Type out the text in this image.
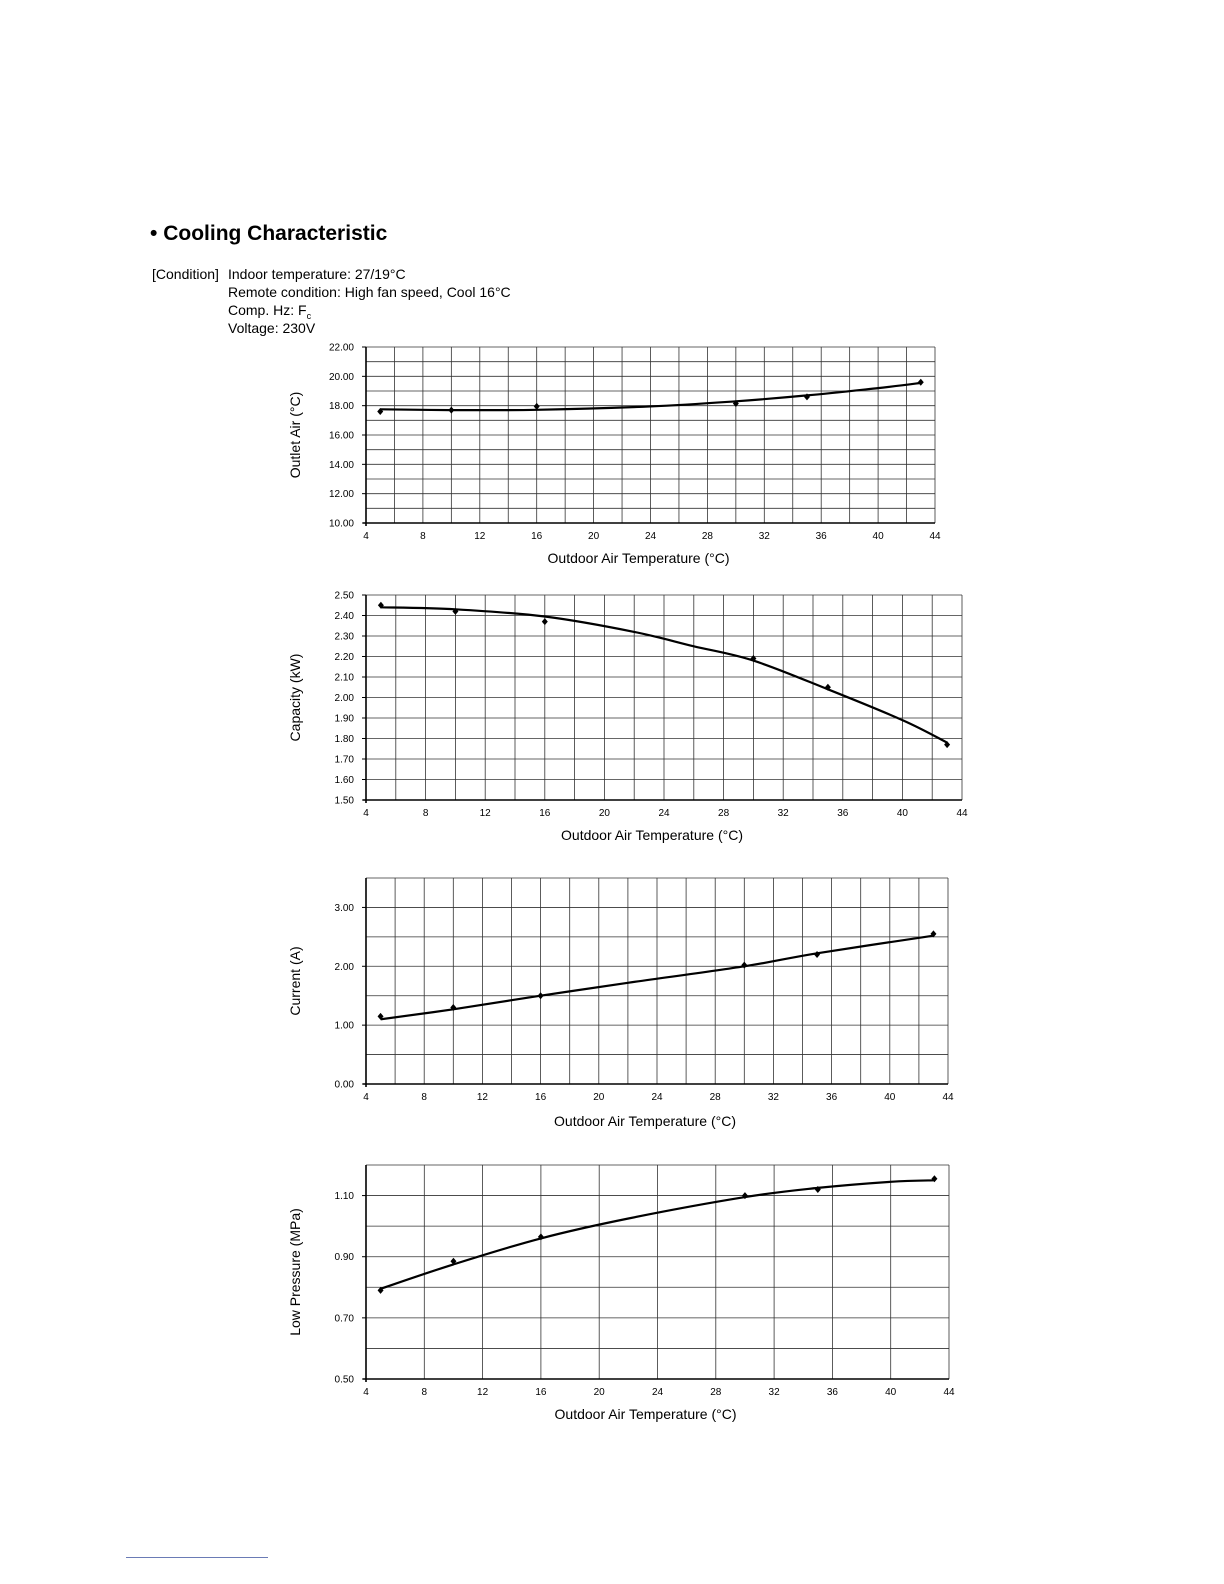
• Cooling Characteristic
[Condition] Indoor temperature: 27/19°C
Remote condition: High fan speed, Cool 16°C
Comp. Hz: $F_c$
Voltage: 230V
4	8	12	16	20	24	28	32	36	40	44
10.00
12.00
14.00
16.00
18.00
20.00
22.00
Outdoor Air Temperature (°C)
Outlet Air (°C)
4	8	12	16	20	24	28	32	36	40	44
1.50
1.60
1.70
1.80
1.90
2.00
2.10
2.20
2.30
2.40
2.50
Outdoor Air Temperature (°C)
Capacity (kW)
4	8	12	16	20	24	28	32	36	40	44
0.00
1.00
2.00
3.00
Outdoor Air Temperature (°C)
Current (A)
4	8	12	16	20	24	28	32	36	40	44
0.50
0.70
0.90
1.10
Outdoor Air Temperature (°C)
Low Pressure (MPa)
